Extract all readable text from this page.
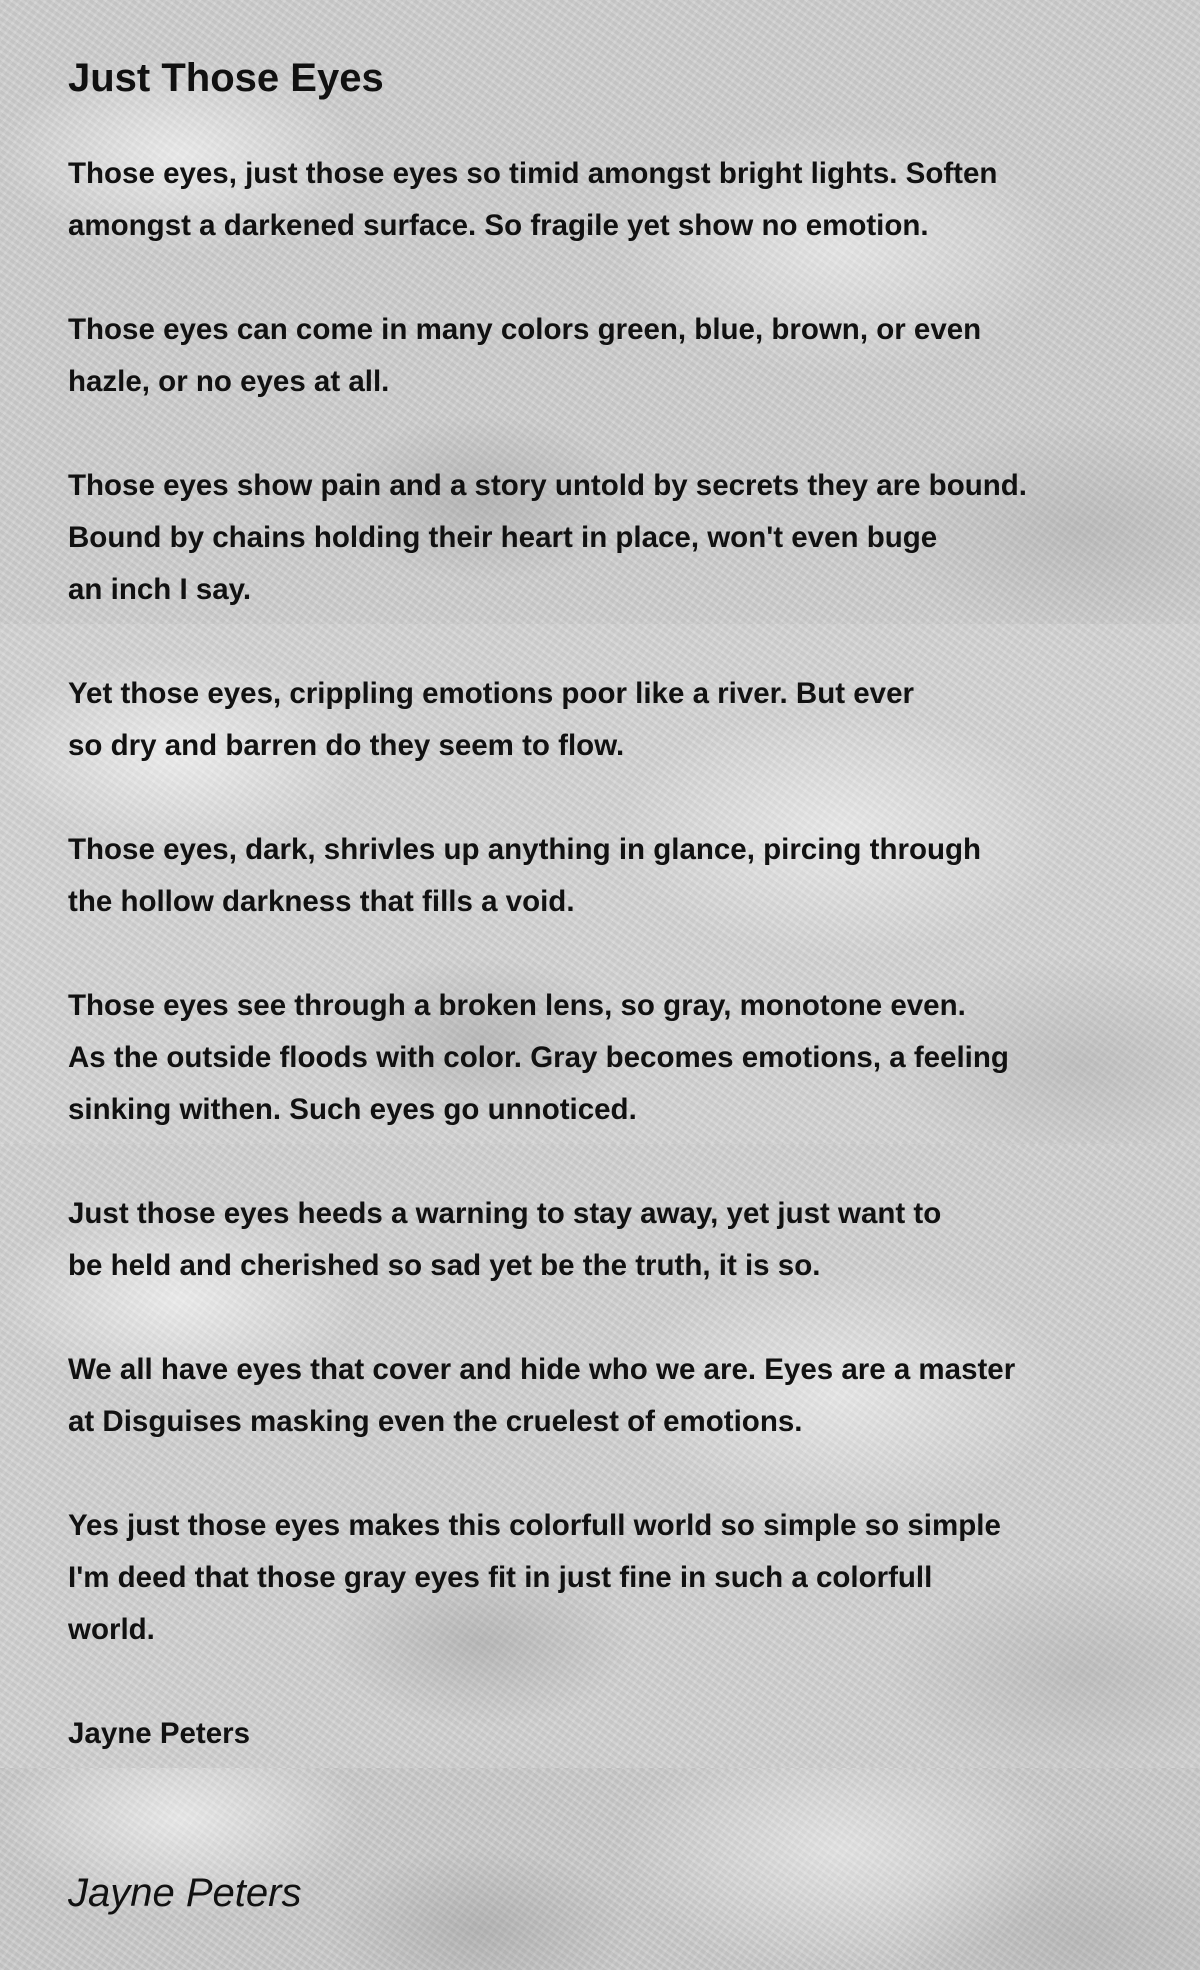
Just Those Eyes

Those eyes, just those eyes so timid amongst bright lights. Soften
amongst a darkened surface. So fragile yet show no emotion.

Those eyes can come in many colors green, blue, brown, or even
hazle, or no eyes at all.

Those eyes show pain and a story untold by secrets they are bound.
Bound by chains holding their heart in place, won't even buge
an inch I say.

Yet those eyes, crippling emotions poor like a river. But ever
so dry and barren do they seem to flow.

Those eyes, dark, shrivles up anything in glance, pircing through
the hollow darkness that fills a void.

Those eyes see through a broken lens, so gray, monotone even.
As the outside floods with color. Gray becomes emotions, a feeling
sinking withen. Such eyes go unnoticed.

Just those eyes heeds a warning to stay away, yet just want to
be held and cherished so sad yet be the truth, it is so.

We all have eyes that cover and hide who we are. Eyes are a master
at Disguises masking even the cruelest of emotions.

Yes just those eyes makes this colorfull world so simple so simple
I'm deed that those gray eyes fit in just fine in such a colorfull
world.

Jayne Peters

Jayne Peters
